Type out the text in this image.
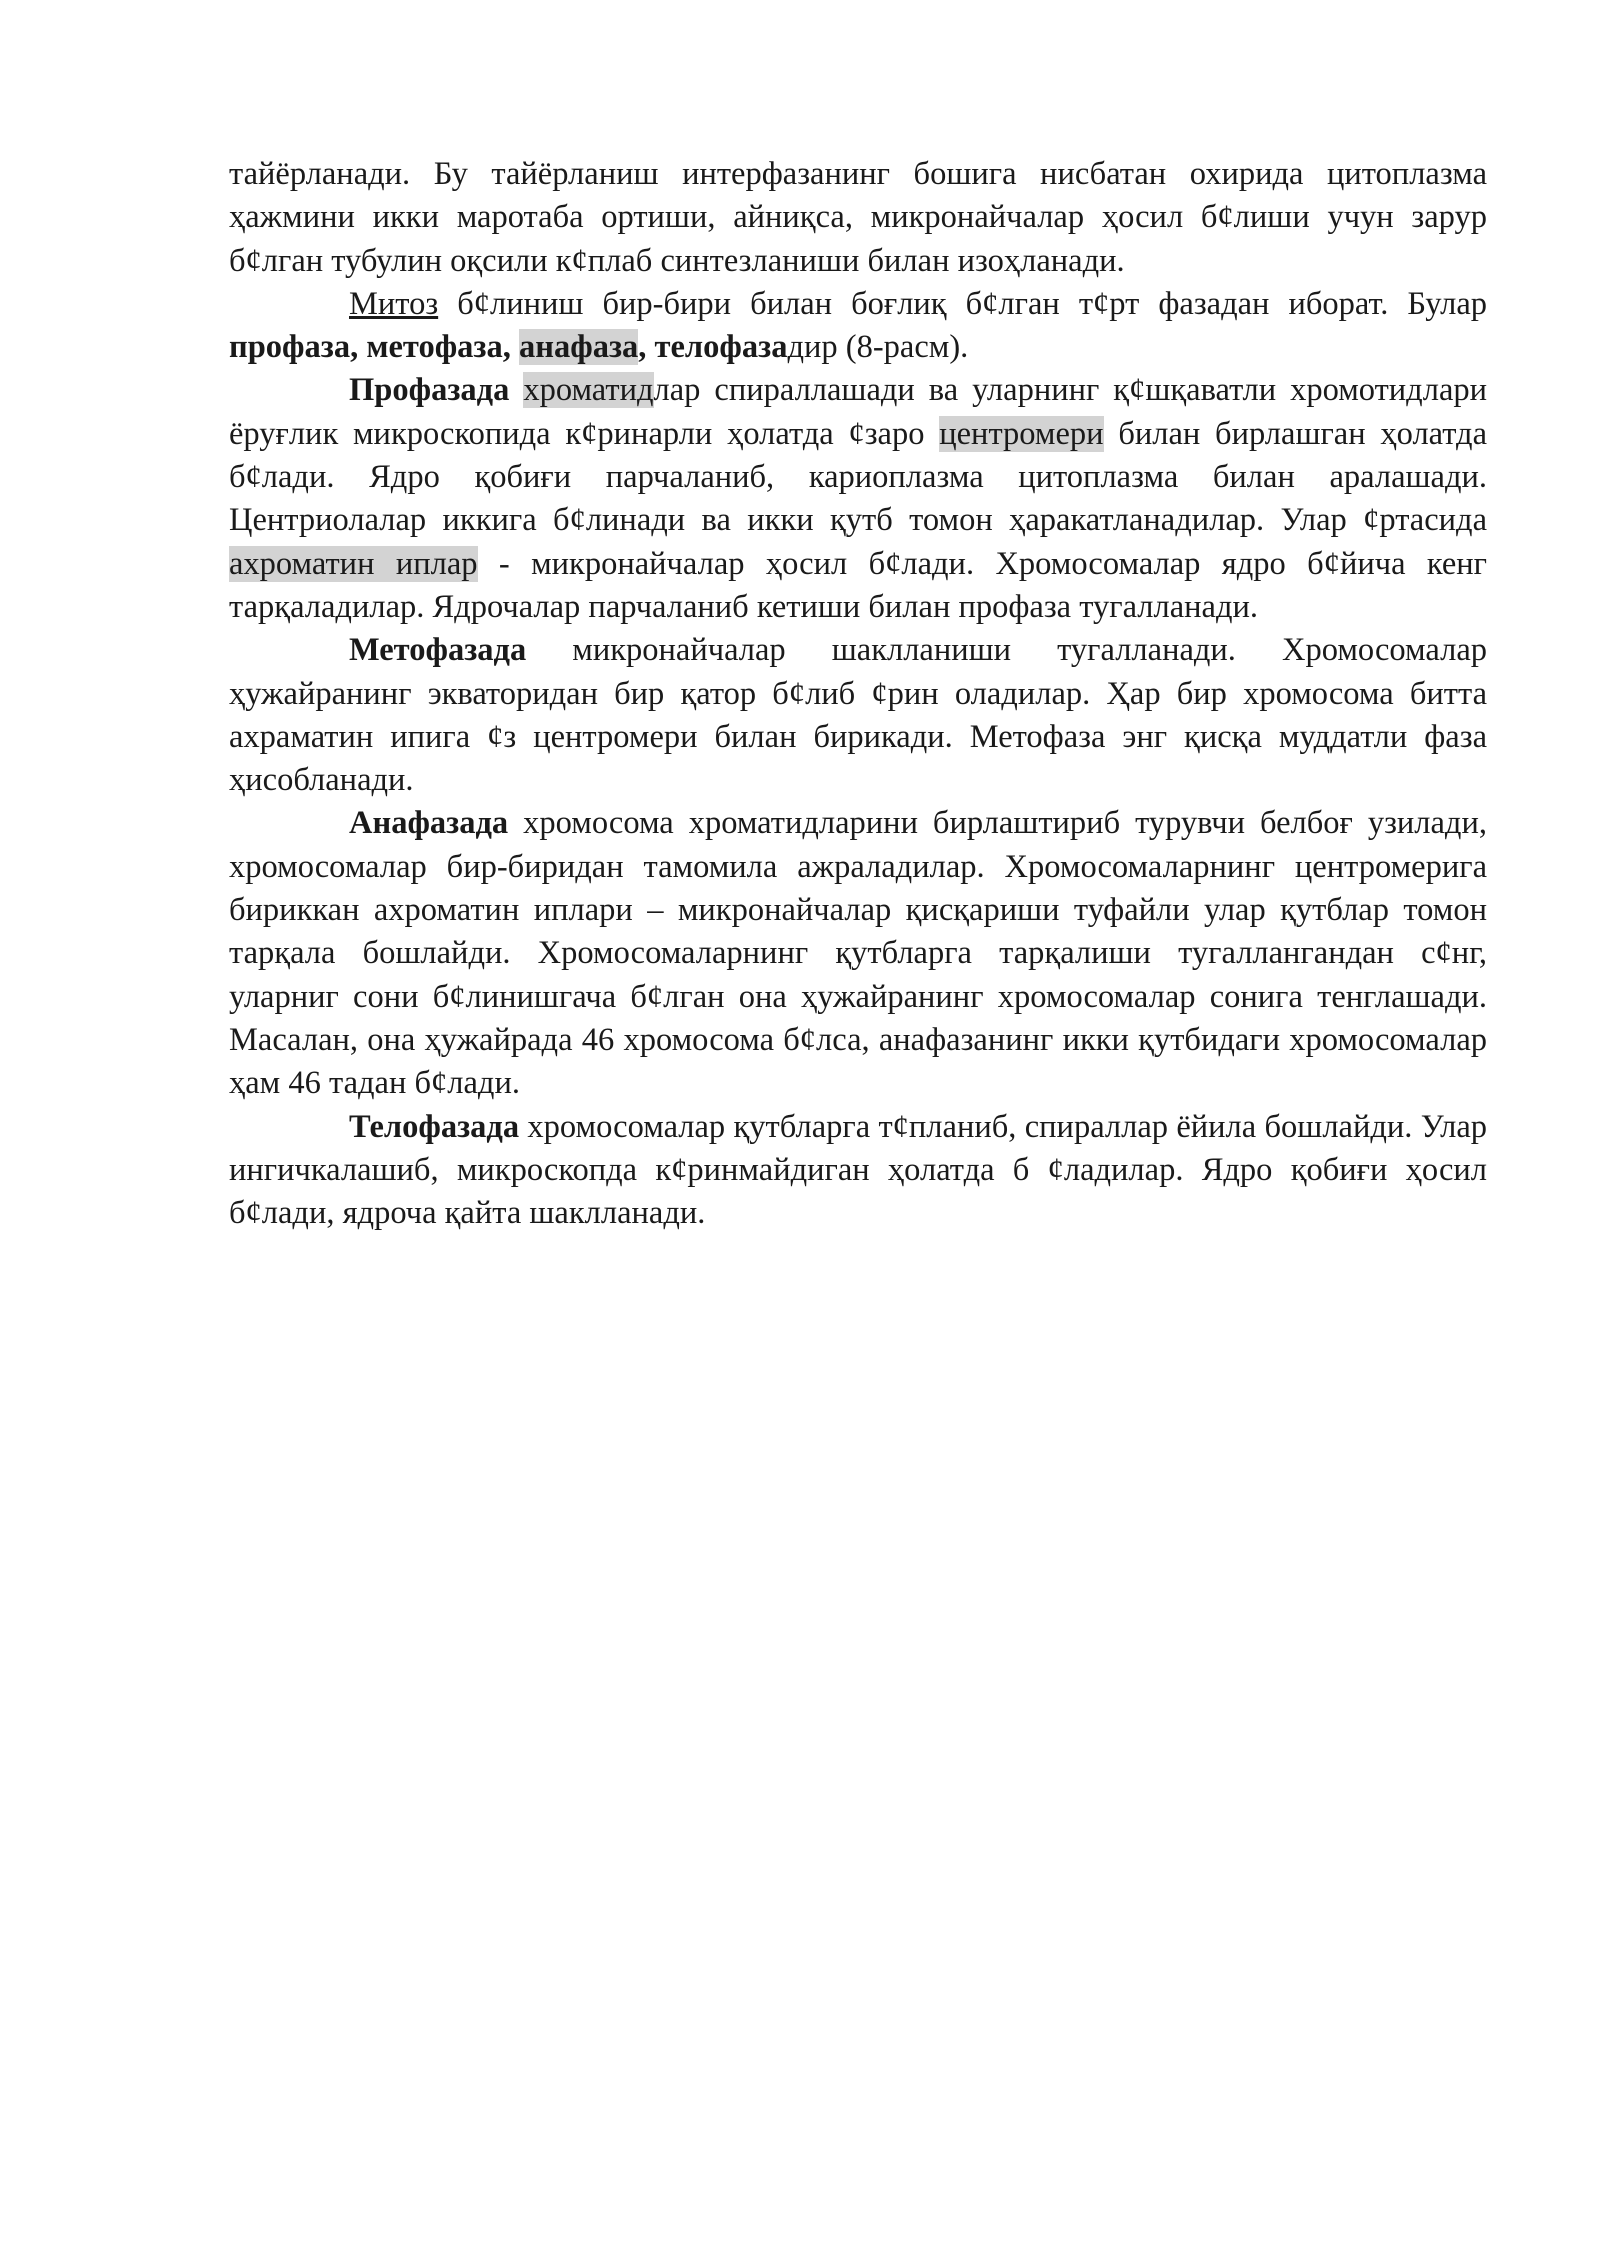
тайёрланади. Бу тайёрланиш интерфазанинг бошига нисбатан охирида цитоплазма ҳажмини икки маротаба ортиши, айниқса, микронайчалар ҳосил б¢лиши учун зарур б¢лган тубулин оқсили к¢плаб синтезланиши билан изоҳланади.

Митоз б¢линиш бир-бири билан боғлиқ б¢лган т¢рт фазадан иборат. Булар профаза, метофаза, анафаза, телофазадир (8-расм).

Профазада хроматидлар спираллашади ва уларнинг қ¢шқаватли хромотидлари ёруғлик микроскопида к¢ринарли ҳолатда ¢заро центромери билан бирлашган ҳолатда б¢лади. Ядро қобиғи парчаланиб, кариоплазма цитоплазма билан аралашади. Центриолалар иккига б¢линади ва икки қутб томон ҳаракатланадилар. Улар ¢ртасида ахроматин иплар - микронайчалар ҳосил б¢лади. Хромосомалар ядро б¢йича кенг тарқаладилар. Ядрочалар парчаланиб кетиши билан профаза тугалланади.

Метофазада микронайчалар шаклланиши тугалланади. Хромосомалар ҳужайранинг экваторидан бир қатор б¢либ ¢рин оладилар. Ҳар бир хромосома битта ахраматин ипига ¢з центромери билан бирикади. Метофаза энг қисқа муддатли фаза ҳисобланади.

Анафазада хромосома хроматидларини бирлаштириб турувчи белбоғ узилади, хромосомалар бир-биридан тамомила ажраладилар. Хромосомаларнинг центромерига бириккан ахроматин иплари – микронайчалар қисқариши туфайли улар қутблар томон тарқала бошлайди. Хромосомаларнинг қутбларга тарқалиши тугаллангандан с¢нг, уларниг сони б¢линишгача б¢лган она ҳужайранинг хромосомалар сонига тенглашади. Масалан, она ҳужайрада 46 хромосома б¢лса, анафазанинг икки қутбидаги хромосомалар ҳам 46 тадан б¢лади.

Телофазада хромосомалар қутбларга т¢планиб, спираллар ёйила бошлайди. Улар ингичкалашиб, микроскопда к¢ринмайдиган ҳолатда б ¢ладилар. Ядро қобиғи ҳосил б¢лади, ядроча қайта шаклланади.
